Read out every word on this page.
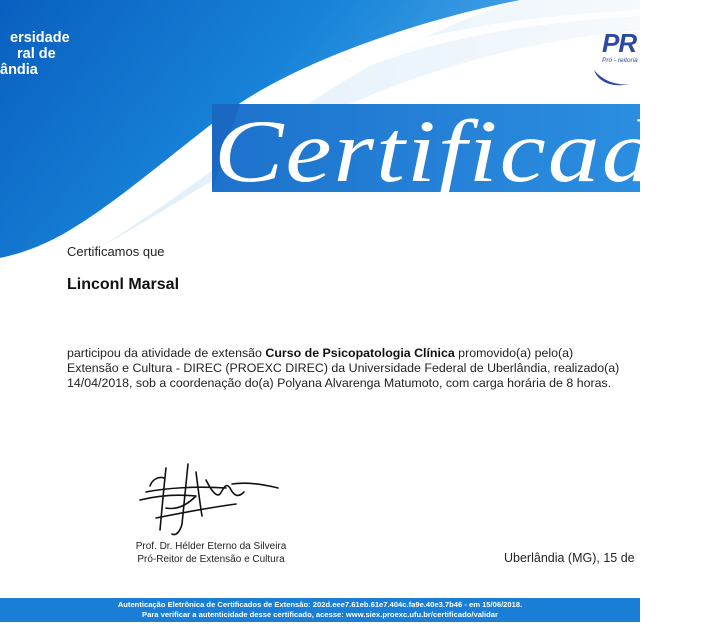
ersidade
ral de
ândia
PR
Pró - reitoria
Certificado
Certificamos que
Linconl Marsal
participou da atividade de extensão Curso de Psicopatologia Clínica promovido(a) pelo(a)
Extensão e Cultura - DIREC (PROEXC DIREC) da Universidade Federal de Uberlândia, realizado(a)
14/04/2018, sob a coordenação do(a) Polyana Alvarenga Matumoto, com carga horária de 8 horas.
Prof. Dr. Hélder Eterno da Silveira
Pró-Reitor de Extensão e Cultura	Uberlândia (MG), 15 de
Autenticação Eletrônica de Certificados de Extensão: 202d.eee7.61eb.61e7.404c.fa9e.40e3.7b46 - em 15/06/2018.
Para verificar a autenticidade desse certificado, acesse: www.siex.proexc.ufu.br/certificado/validar
